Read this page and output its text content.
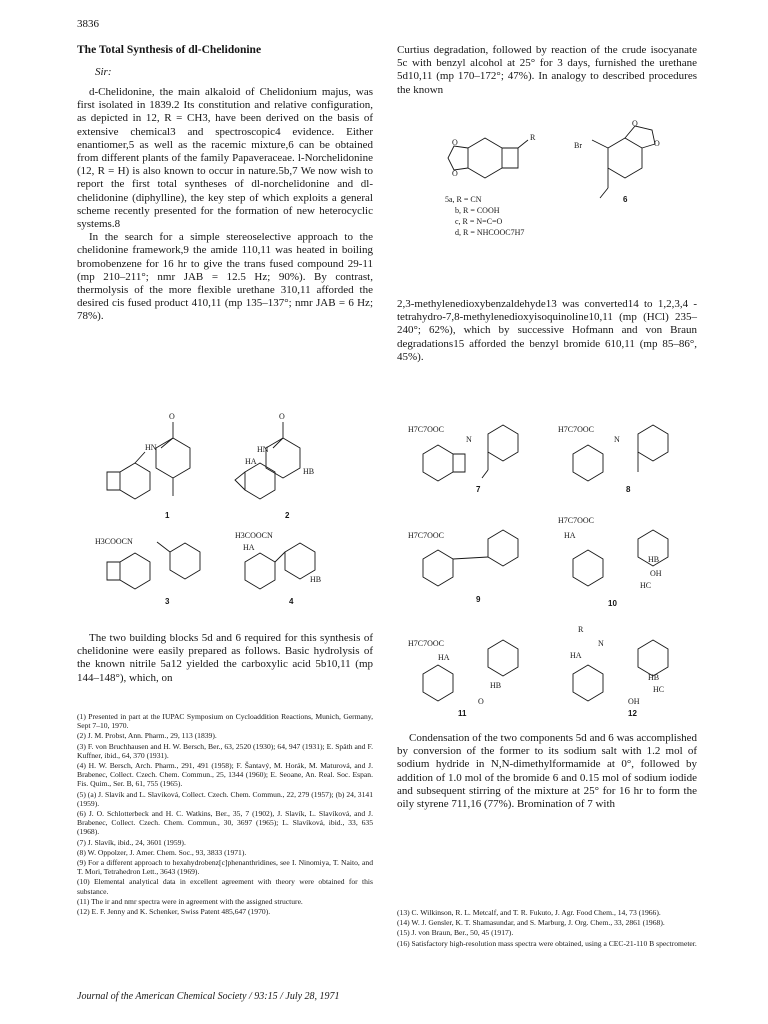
3836
The Total Synthesis of dl-Chelidonine
Sir:

d-Chelidonine, the main alkaloid of Chelidonium majus, was first isolated in 1839.2 Its constitution and relative configuration, as depicted in 12, R = CH3, have been derived on the basis of extensive chemical3 and spectroscopic4 evidence. Either enantiomer,5 as well as the racemic mixture,6 can be obtained from different plants of the family Papaveraceae. l-Norchelidonine (12, R = H) is also known to occur in nature.5b,7 We now wish to report the first total syntheses of dl-norchelidonine and dl-chelidonine (diphylline), the key step of which exploits a general scheme recently presented for the formation of new heterocyclic systems.8

In the search for a simple stereoselective approach to the chelidonine framework,9 the amide 110,11 was heated in boiling bromobenzene for 16 hr to give the trans fused compound 29-11 (mp 210–211°; nmr JAB = 12.5 Hz; 90%). By contrast, thermolysis of the more flexible urethane 310,11 afforded the desired cis fused product 410,11 (mp 135–137°; nmr JAB = 6 Hz; 78%).

Curtius degradation, followed by reaction of the crude isocyanate 5c with benzyl alcohol at 25° for 3 days, furnished the urethane 5d10,11 (mp 170–172°; 47%). In analogy to described procedures the known

R
O
O
5a, R = CN
b, R = COOH
c, R = N=C=O
d, R = NHCOOC7H7
O
O
Br
6

2,3-methylenedioxybenzaldehyde13 was converted14 to 1,2,3,4 - tetrahydro-7,8-methylenedioxyisoquinoline10,11 (mp (HCl) 235–240°; 62%), which by successive Hofmann and von Braun degradations15 afforded the benzyl bromide 610,11 (mp 85–86°, 45%).

HN
O
1
HN
O
HA
HB
2
H3COOCN
3
H3COOCN
HA
HB
4
H7C7OOC
N
7
H7C7OOC
N
8
H7C7OOC
9
H7C7OOC
HA
HB
OH
HC
10
H7C7OOC
HA
HB
O
11
R
N
HA
HB
HC
OH
12

The two building blocks 5d and 6 required for this synthesis of chelidonine were easily prepared as follows. Basic hydrolysis of the known nitrile 5a12 yielded the carboxylic acid 5b10,11 (mp 144–148°), which, on

(1) Presented in part at the IUPAC Symposium on Cycloaddition Reactions, Munich, Germany, Sept 7–10, 1970.
(2) J. M. Probst, Ann. Pharm., 29, 113 (1839).
(3) F. von Bruchhausen and H. W. Bersch, Ber., 63, 2520 (1930); 64, 947 (1931); E. Späth and F. Kuffner, ibid., 64, 370 (1931).
(4) H. W. Bersch, Arch. Pharm., 291, 491 (1958); F. Šantavý, M. Horák, M. Maturová, and J. Brabenec, Collect. Czech. Chem. Commun., 25, 1344 (1960); E. Seoane, An. Real. Soc. Espan. Fis. Quim., Ser. B, 61, 755 (1965).
(5) (a) J. Slavík and L. Slavíková, Collect. Czech. Chem. Commun., 22, 279 (1957); (b) 24, 3141 (1959).
(6) J. O. Schlotterbeck and H. C. Watkins, Ber., 35, 7 (1902), J. Slavík, L. Slavíková, and J. Brabenec, Collect. Czech. Chem. Commun., 30, 3697 (1965); L. Slavíková, ibid., 33, 635 (1968).
(7) J. Slavík, ibid., 24, 3601 (1959).
(8) W. Oppolzer, J. Amer. Chem. Soc., 93, 3833 (1971).
(9) For a different approach to hexahydrobenz[c]phenanthridines, see I. Ninomiya, T. Naito, and T. Mori, Tetrahedron Lett., 3643 (1969).
(10) Elemental analytical data in excellent agreement with theory were obtained for this substance.
(11) The ir and nmr spectra were in agreement with the assigned structure.
(12) E. F. Jenny and K. Schenker, Swiss Patent 485,647 (1970).

Condensation of the two components 5d and 6 was accomplished by conversion of the former to its sodium salt with 1.2 mol of sodium hydride in N,N-dimethylformamide at 0°, followed by addition of 1.0 mol of the bromide 6 and 0.15 mol of sodium iodide and subsequent stirring of the mixture at 25° for 16 hr to form the oily styrene 711,16 (77%). Bromination of 7 with

(13) C. Wilkinson, R. L. Metcalf, and T. R. Fukuto, J. Agr. Food Chem., 14, 73 (1966).
(14) W. J. Gensler, K. T. Shamasundar, and S. Marburg, J. Org. Chem., 33, 2861 (1968).
(15) J. von Braun, Ber., 50, 45 (1917).
(16) Satisfactory high-resolution mass spectra were obtained, using a CEC-21-110 B spectrometer.
Journal of the American Chemical Society / 93:15 / July 28, 1971
